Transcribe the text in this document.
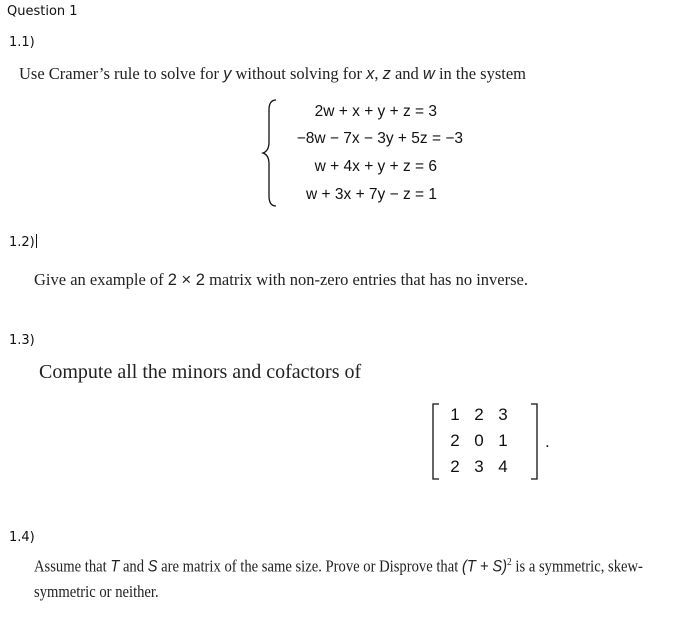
Question 1
1.1)
Use Cramer’s rule to solve for y without solving for x, z and w in the system
2w + x + y + z = 3
−8w − 7x − 3y + 5z = −3
w + 4x + y + z = 6
w + 3x + 7y − z = 1
1.2)
Give an example of 2 × 2 matrix with non-zero entries that has no inverse.
1.3)
Compute all the minors and cofactors of
1 2 3
2 0 1
2 3 4
.
1.4)
Assume that T and S are matrix of the same size. Prove or Disprove that $(T + S)^2$ is a symmetric, skew-
symmetric or neither.
